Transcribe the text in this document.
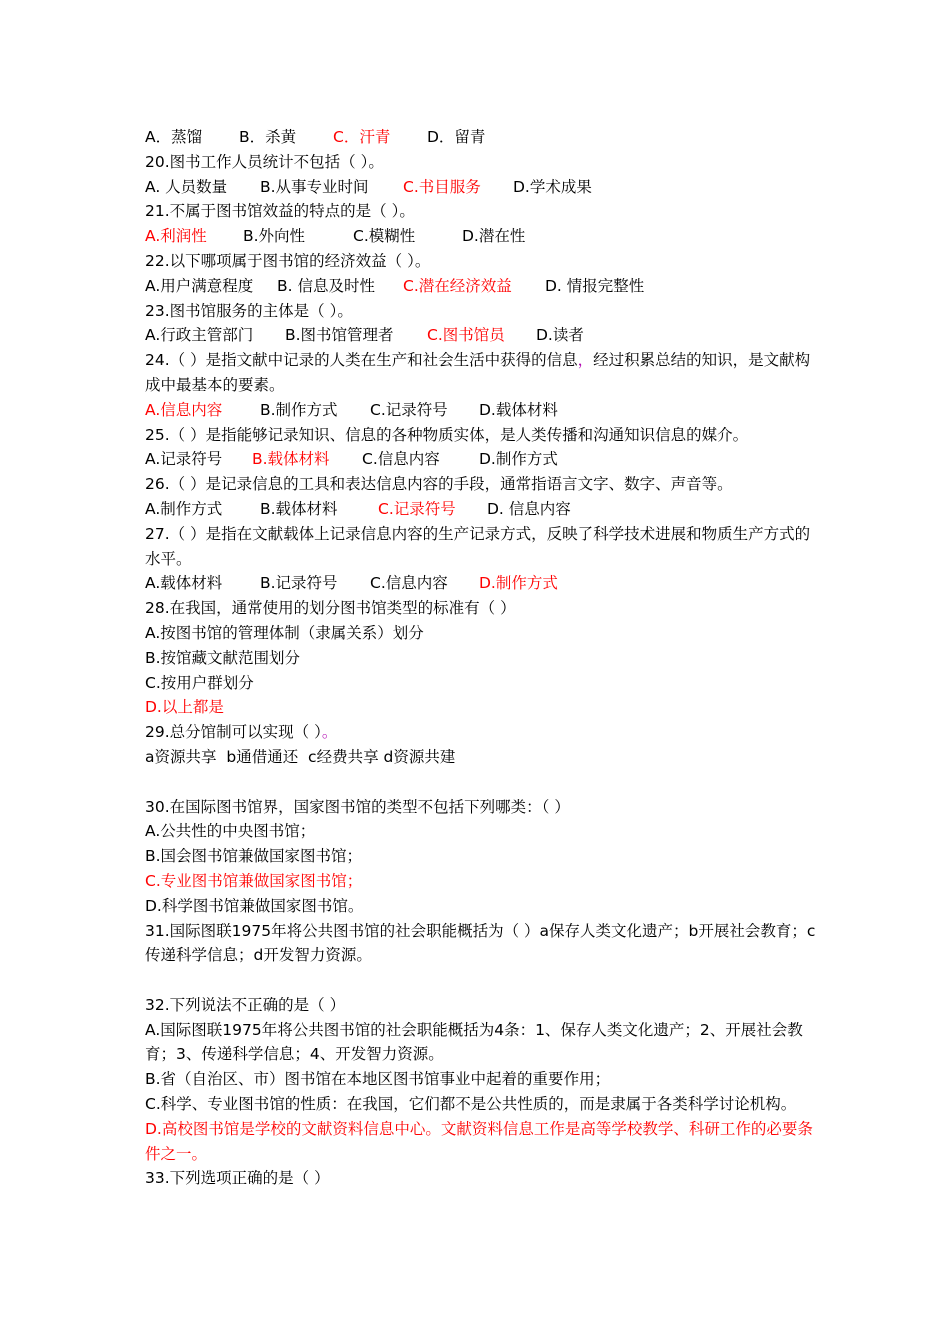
A．蒸馏 B．杀黄 C．汗青 D．留青
20.图书工作人员统计不包括（ ）。
A. 人员数量 B.从事专业时间 C.书目服务 D.学术成果
21.不属于图书馆效益的特点的是（ ）。
A.利润性 B.外向性	C.模糊性	D.潜在性
22.以下哪项属于图书馆的经济效益（ ）。
A.用户满意程度 B. 信息及时性 C.潜在经济效益 D. 情报完整性
23.图书馆服务的主体是（ ）。
A.行政主管部门 B.图书馆管理者 C.图书馆员 D.读者
24.（ ）是指文献中记录的人类在生产和社会生活中获得的信息，经过积累总结的知识，是文献构成中最基本的要素。
A.信息内容 B.制作方式 C.记录符号 D.载体材料
25.（ ）是指能够记录知识、信息的各种物质实体，是人类传播和沟通知识信息的媒介。
A.记录符号 B.载体材料 C.信息内容	D.制作方式
26.（ ）是记录信息的工具和表达信息内容的手段，通常指语言文字、数字、声音等。
A.制作方式 B.载体材料	C.记录符号 D. 信息内容
27.（ ）是指在文献载体上记录信息内容的生产记录方式，反映了科学技术进展和物质生产方式的水平。
A.载体材料 B.记录符号 C.信息内容 D.制作方式
28.在我国，通常使用的划分图书馆类型的标准有（ ）
A.按图书馆的管理体制（隶属关系）划分
B.按馆藏文献范围划分
C.按用户群划分
D.以上都是
29.总分馆制可以实现（ ）。
a资源共享  b通借通还  c经费共享 d资源共建
30.在国际图书馆界，国家图书馆的类型不包括下列哪类：（ ）
A.公共性的中央图书馆；
B.国会图书馆兼做国家图书馆；
C.专业图书馆兼做国家图书馆；
D.科学图书馆兼做国家图书馆。
31.国际图联1975年将公共图书馆的社会职能概括为（ ）a保存人类文化遗产；b开展社会教育；c传递科学信息；d开发智力资源。
32.下列说法不正确的是（ ）
A.国际图联1975年将公共图书馆的社会职能概括为4条：1、保存人类文化遗产；2、开展社会教育；3、传递科学信息；4、开发智力资源。
B.省（自治区、市）图书馆在本地区图书馆事业中起着的重要作用；
C.科学、专业图书馆的性质：在我国，它们都不是公共性质的，而是隶属于各类科学讨论机构。
D.高校图书馆是学校的文献资料信息中心。文献资料信息工作是高等学校教学、科研工作的必要条件之一。
33.下列选项正确的是（ ）
